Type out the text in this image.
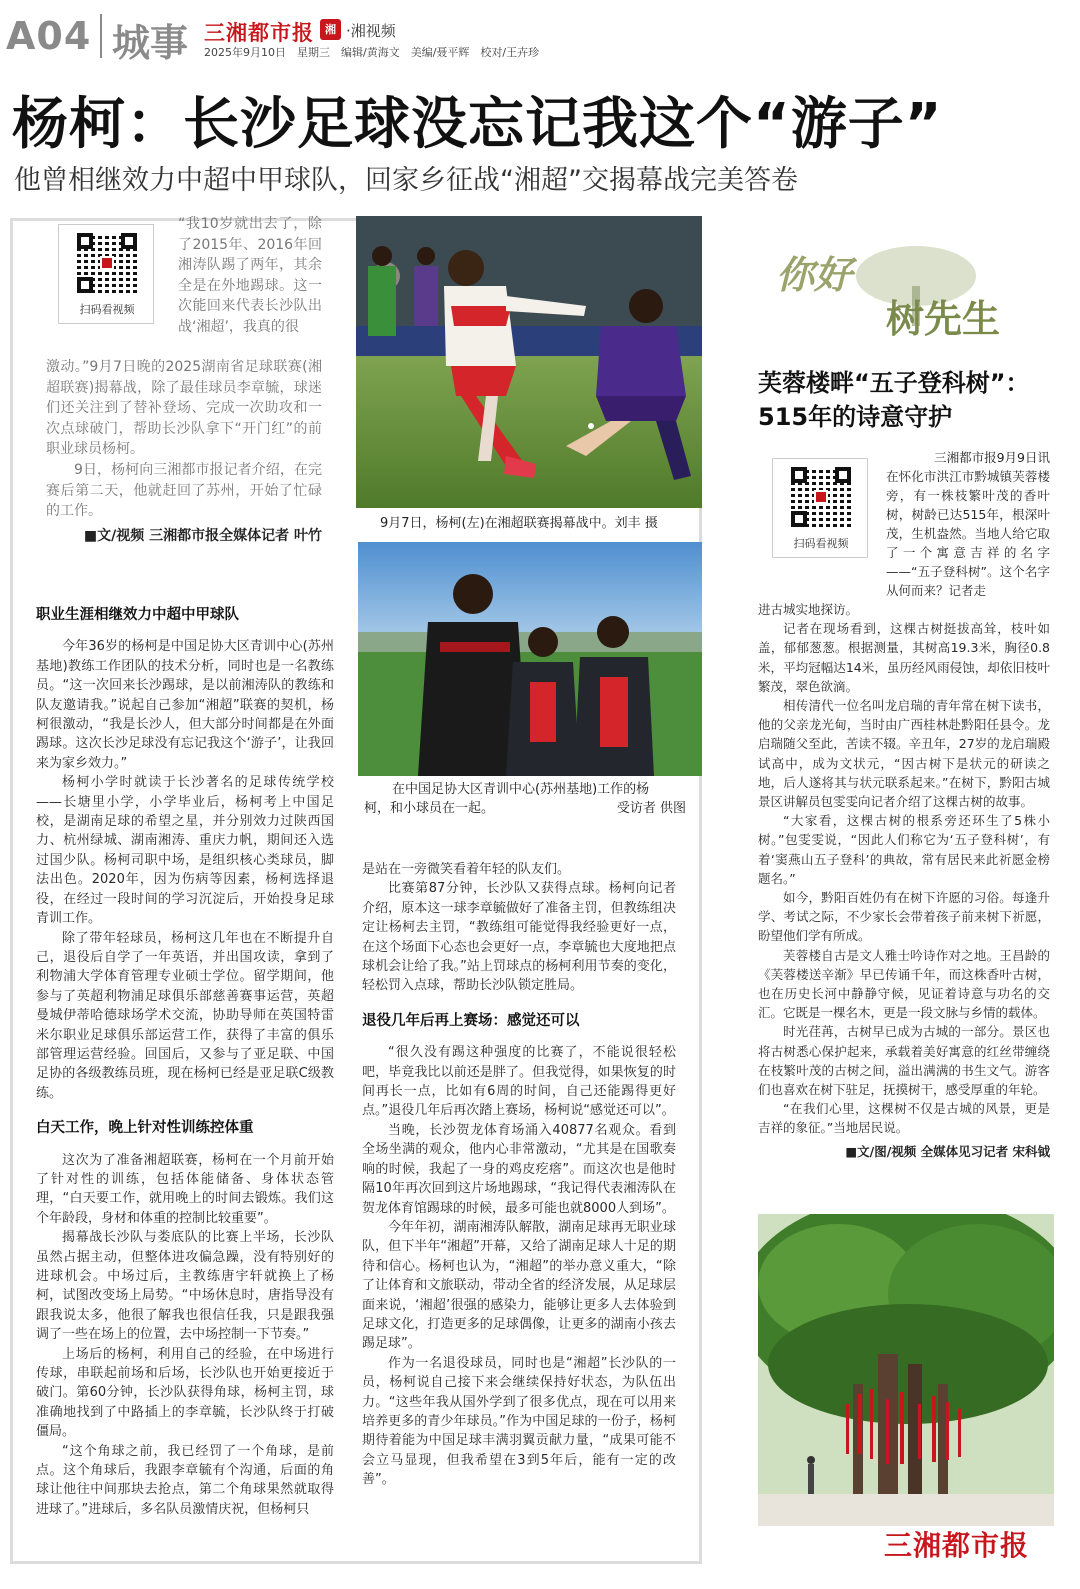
A04 城事 三湘都市报	湘 ·湘视频
2025年9月10日　星期三　编辑/黄海文　美编/聂平辉　校对/王卉珍
杨柯：长沙足球没忘记我这个“游子”
他曾相继效力中超中甲球队，回家乡征战“湘超”交揭幕战完美答卷
扫码看视频

“我10岁就出去了，除了2015年、2016年回湘涛队踢了两年，其余全是在外地踢球。这一次能回来代表长沙队出战‘湘超’，我真的很

激动。”9月7日晚的2025湖南省足球联赛(湘超联赛)揭幕战，除了最佳球员李章毓，球迷们还关注到了替补登场、完成一次助攻和一次点球破门，帮助长沙队拿下“开门红”的前职业球员杨柯。

9日，杨柯向三湘都市报记者介绍，在完赛后第二天，他就赶回了苏州，开始了忙碌的工作。

■文/视频 三湘都市报全媒体记者 叶竹

9月7日，杨柯(左)在湘超联赛揭幕战中。刘丰 摄
在中国足协大区青训中心(苏州基地)工作的杨
柯，和小球员在一起。	受访者 供图
职业生涯相继效力中超中甲球队

今年36岁的杨柯是中国足协大区青训中心(苏州基地)教练工作团队的技术分析，同时也是一名教练员。“这一次回来长沙踢球，是以前湘涛队的教练和队友邀请我。”说起自己参加“湘超”联赛的契机，杨柯很激动，“我是长沙人，但大部分时间都是在外面踢球。这次长沙足球没有忘记我这个‘游子’，让我回来为家乡效力。”

杨柯小学时就读于长沙著名的足球传统学校——长塘里小学，小学毕业后，杨柯考上中国足校，是湖南足球的希望之星，并分别效力过陕西国力、杭州绿城、湖南湘涛、重庆力帆，期间还入选过国少队。杨柯司职中场，是组织核心类球员，脚法出色。2020年，因为伤病等因素，杨柯选择退役，在经过一段时间的学习沉淀后，开始投身足球青训工作。

除了带年轻球员，杨柯这几年也在不断提升自己，退役后自学了一年英语，并出国攻读，拿到了利物浦大学体育管理专业硕士学位。留学期间，他参与了英超利物浦足球俱乐部慈善赛事运营，英超曼城伊蒂哈德球场学术交流，协助导师在英国特雷米尔职业足球俱乐部运营工作，获得了丰富的俱乐部管理运营经验。回国后，又参与了亚足联、中国足协的各级教练员班，现在杨柯已经是亚足联C级教练。

白天工作，晚上针对性训练控体重

这次为了准备湘超联赛，杨柯在一个月前开始了针对性的训练，包括体能储备、身体状态管理，“白天要工作，就用晚上的时间去锻炼。我们这个年龄段，身材和体重的控制比较重要”。

揭幕战长沙队与娄底队的比赛上半场，长沙队虽然占据主动，但整体进攻偏急躁，没有特别好的进球机会。中场过后，主教练唐宇轩就换上了杨柯，试图改变场上局势。“中场休息时，唐指导没有跟我说太多，他很了解我也很信任我，只是跟我强调了一些在场上的位置，去中场控制一下节奏。”

上场后的杨柯，利用自己的经验，在中场进行传球，串联起前场和后场，长沙队也开始更接近于破门。第60分钟，长沙队获得角球，杨柯主罚，球准确地找到了中路插上的李章毓，长沙队终于打破僵局。

“这个角球之前，我已经罚了一个角球，是前点。这个角球后，我跟李章毓有个沟通，后面的角球让他往中间那块去抢点，第二个角球果然就取得进球了。”进球后，多名队员激情庆祝，但杨柯只

是站在一旁微笑看着年轻的队友们。

比赛第87分钟，长沙队又获得点球。杨柯向记者介绍，原本这一球李章毓做好了准备主罚，但教练组决定让杨柯去主罚，“教练组可能觉得我经验更好一点，在这个场面下心态也会更好一点，李章毓也大度地把点球机会让给了我。”站上罚球点的杨柯利用节奏的变化，轻松罚入点球，帮助长沙队锁定胜局。

退役几年后再上赛场：感觉还可以

“很久没有踢这种强度的比赛了，不能说很轻松吧，毕竟我比以前还是胖了。但我觉得，如果恢复的时间再长一点，比如有6周的时间，自己还能踢得更好点。”退役几年后再次踏上赛场，杨柯说“感觉还可以”。

当晚，长沙贺龙体育场涌入40877名观众。看到全场坐满的观众，他内心非常激动，“尤其是在国歌奏响的时候，我起了一身的鸡皮疙瘩”。而这次也是他时隔10年再次回到这片场地踢球，“我记得代表湘涛队在贺龙体育馆踢球的时候，最多可能也就8000人到场”。

今年年初，湖南湘涛队解散，湖南足球再无职业球队，但下半年“湘超”开幕，又给了湖南足球人十足的期待和信心。杨柯也认为，“湘超”的举办意义重大，“除了让体育和文旅联动，带动全省的经济发展，从足球层面来说，‘湘超’很强的感染力，能够让更多人去体验到足球文化，打造更多的足球偶像，让更多的湖南小孩去踢足球”。

作为一名退役球员，同时也是“湘超”长沙队的一员，杨柯说自己接下来会继续保持好状态，为队伍出力。“这些年我从国外学到了很多优点，现在可以用来培养更多的青少年球员。”作为中国足球的一份子，杨柯期待着能为中国足球丰满羽翼贡献力量，“成果可能不会立马显现，但我希望在3到5年后，能有一定的改善”。

你好
树先生
芙蓉楼畔“五子登科树”：
515年的诗意守护
扫码看视频

三湘都市报9月9日讯

在怀化市洪江市黔城镇芙蓉楼旁，有一株枝繁叶茂的香叶树，树龄已达515年，根深叶茂，生机盎然。当地人给它取了一个寓意吉祥的名字——“五子登科树”。这个名字从何而来？记者走

进古城实地探访。

记者在现场看到，这棵古树挺拔高耸，枝叶如盖，郁郁葱葱。根据测量，其树高19.3米，胸径0.8米，平均冠幅达14米，虽历经风雨侵蚀，却依旧枝叶繁茂，翠色欲滴。

相传清代一位名叫龙启瑞的青年常在树下读书，他的父亲龙光甸，当时由广西桂林赴黔阳任县令。龙启瑞随父至此，苦读不辍。辛丑年，27岁的龙启瑞殿试高中，成为文状元，“因古树下是状元的研读之地，后人遂将其与状元联系起来。”在树下，黔阳古城景区讲解员包雯雯向记者介绍了这棵古树的故事。

“大家看，这棵古树的根系旁还环生了5株小树。”包雯雯说，“因此人们称它为‘五子登科树’，有着‘窦燕山五子登科’的典故，常有居民来此祈愿金榜题名。”

如今，黔阳百姓仍有在树下许愿的习俗。每逢升学、考试之际，不少家长会带着孩子前来树下祈愿，盼望他们学有所成。

芙蓉楼自古是文人雅士吟诗作对之地。王昌龄的《芙蓉楼送辛渐》早已传诵千年，而这株香叶古树，也在历史长河中静静守候，见证着诗意与功名的交汇。它既是一棵名木，更是一段文脉与乡情的载体。

时光荏苒，古树早已成为古城的一部分。景区也将古树悉心保护起来，承载着美好寓意的红丝带缠绕在枝繁叶茂的古树之间，溢出满满的书生文气。游客们也喜欢在树下驻足，抚摸树干，感受厚重的年轮。

“在我们心里，这棵树不仅是古城的风景，更是吉祥的象征。”当地居民说。

■文/图/视频 全媒体见习记者 宋科钺

三湘都市报
